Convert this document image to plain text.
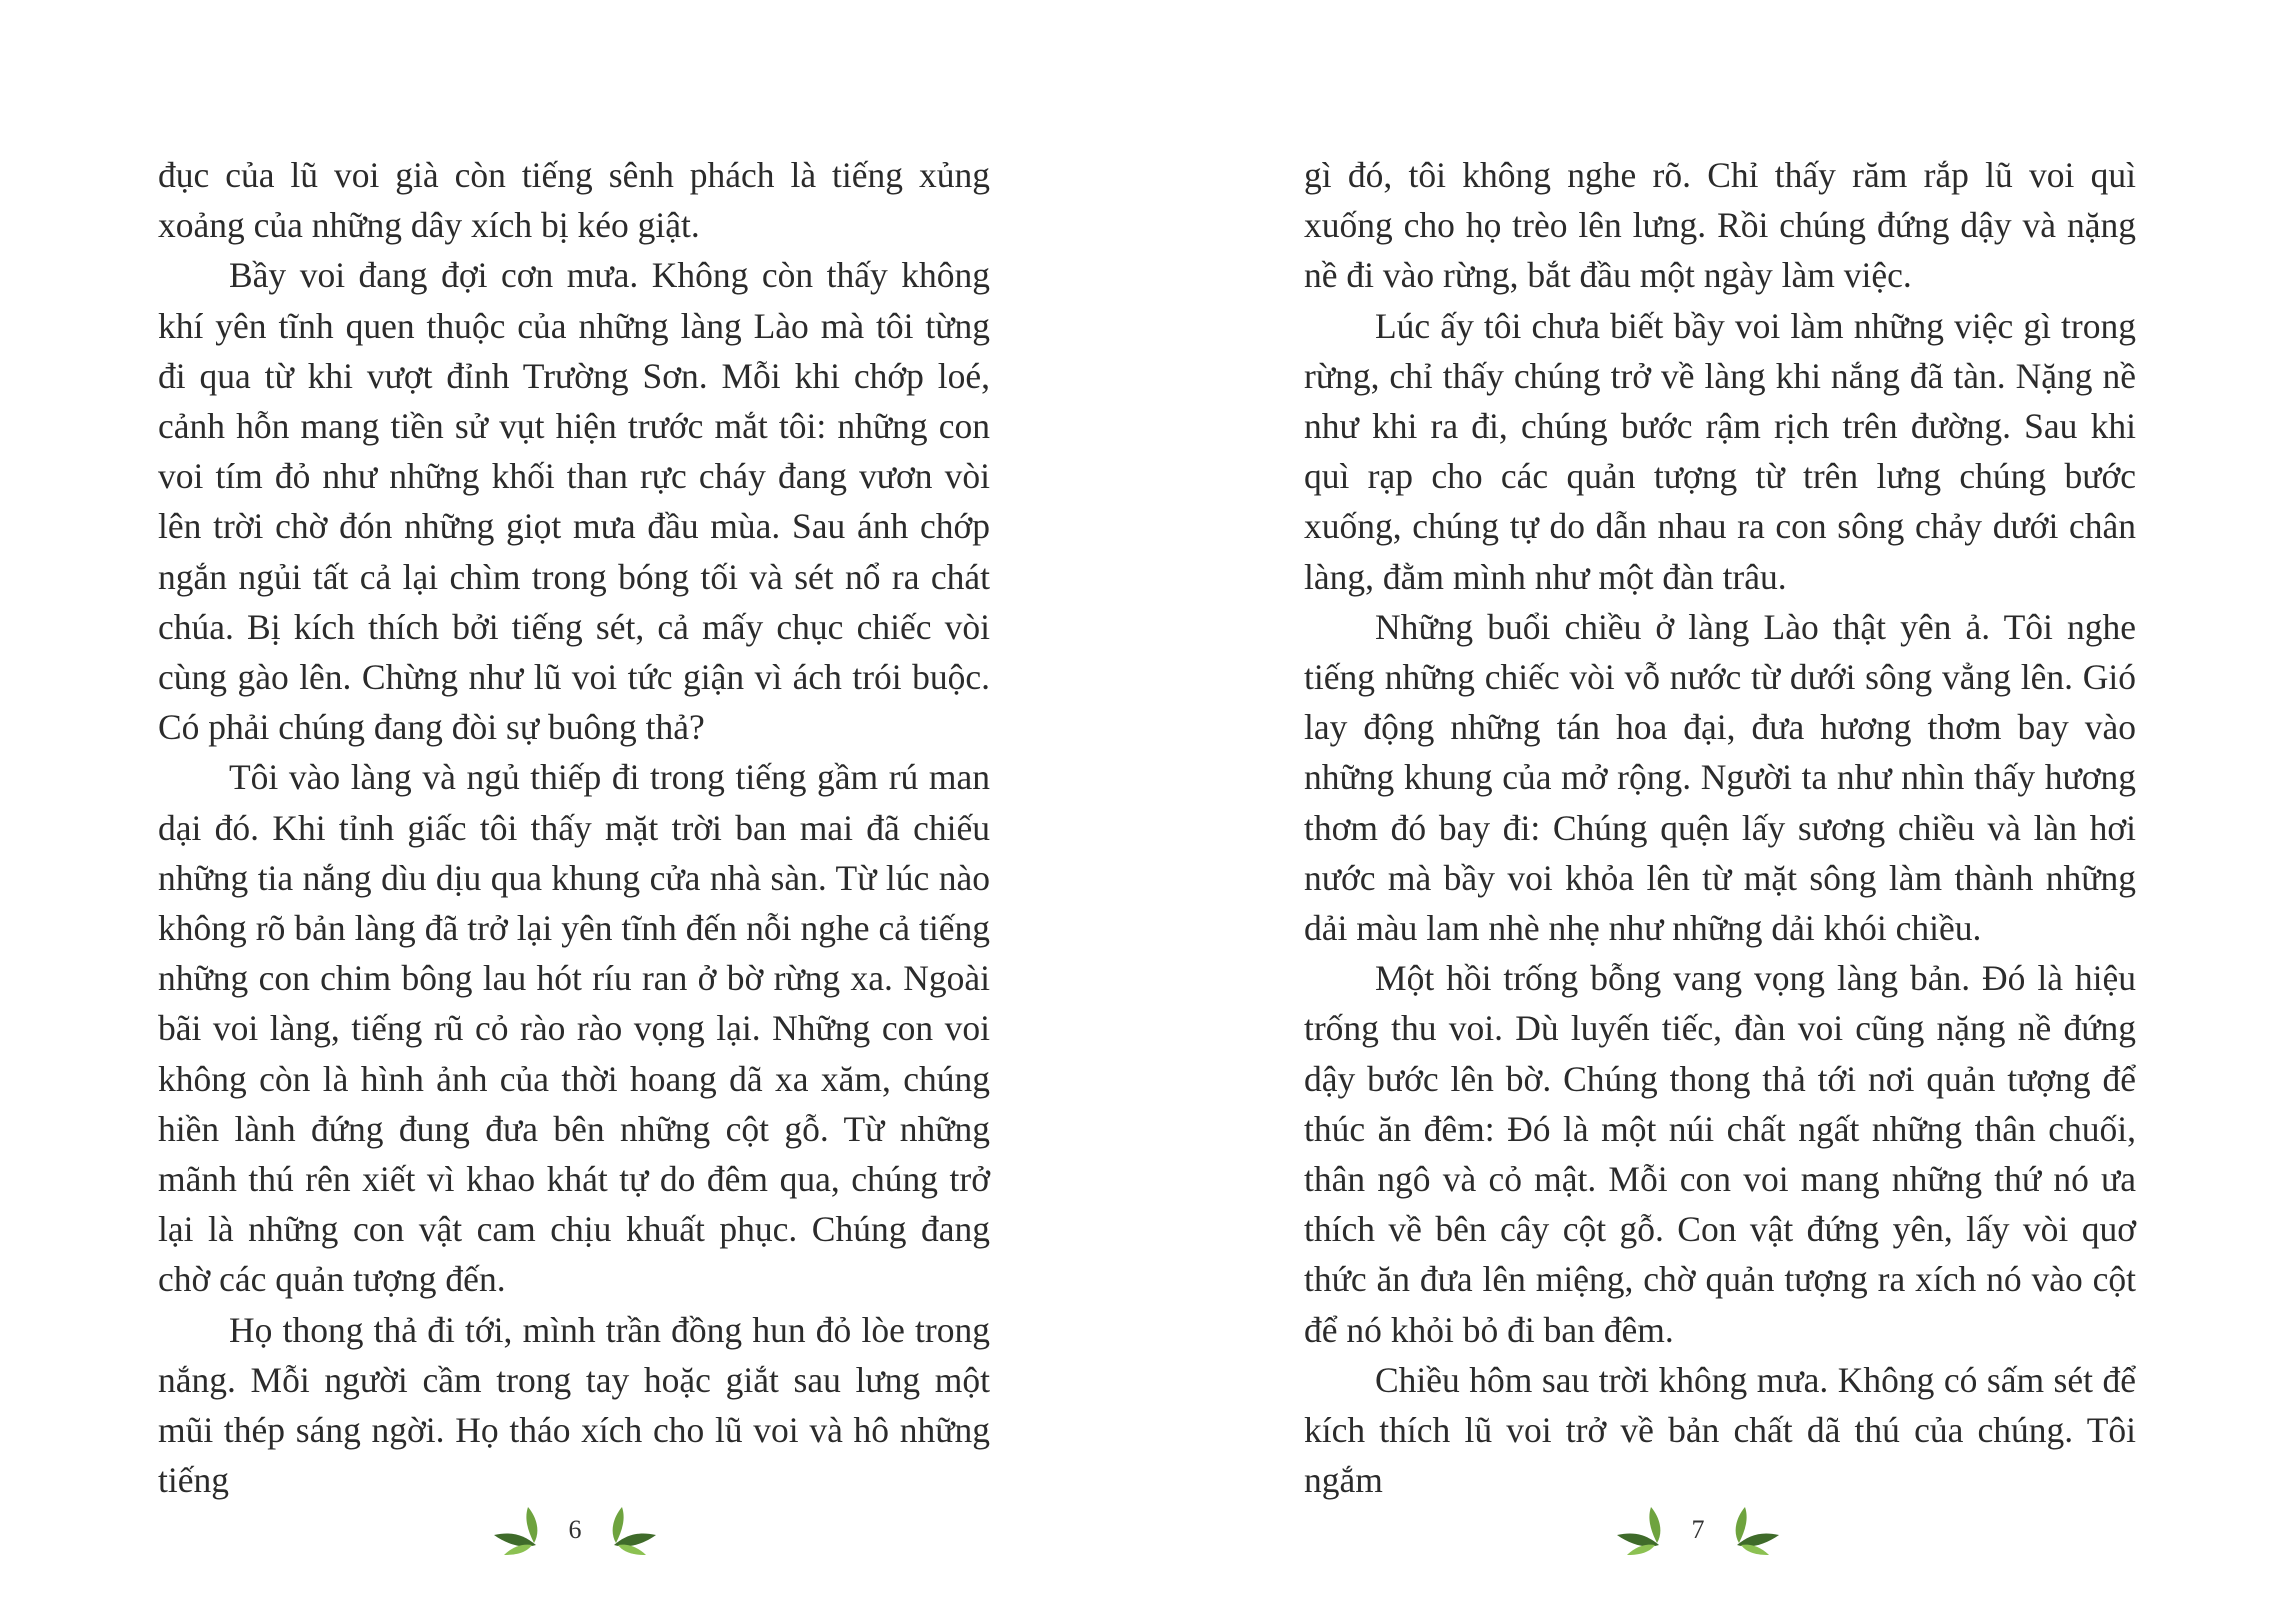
đục của lũ voi già còn tiếng sênh phách là tiếng xủng xoảng của những dây xích bị kéo giật.

Bầy voi đang đợi cơn mưa. Không còn thấy không khí yên tĩnh quen thuộc của những làng Lào mà tôi từng đi qua từ khi vượt đỉnh Trường Sơn. Mỗi khi chớp loé, cảnh hỗn mang tiền sử vụt hiện trước mắt tôi: những con voi tím đỏ như những khối than rực cháy đang vươn vòi lên trời chờ đón những giọt mưa đầu mùa. Sau ánh chớp ngắn ngủi tất cả lại chìm trong bóng tối và sét nổ ra chát chúa. Bị kích thích bởi tiếng sét, cả mấy chục chiếc vòi cùng gào lên. Chừng như lũ voi tức giận vì ách trói buộc. Có phải chúng đang đòi sự buông thả?

Tôi vào làng và ngủ thiếp đi trong tiếng gầm rú man dại đó. Khi tỉnh giấc tôi thấy mặt trời ban mai đã chiếu những tia nắng dìu dịu qua khung cửa nhà sàn. Từ lúc nào không rõ bản làng đã trở lại yên tĩnh đến nỗi nghe cả tiếng những con chim bông lau hót ríu ran ở bờ rừng xa. Ngoài bãi voi làng, tiếng rũ cỏ rào rào vọng lại. Những con voi không còn là hình ảnh của thời hoang dã xa xăm, chúng hiền lành đứng đung đưa bên những cột gỗ. Từ những mãnh thú rên xiết vì khao khát tự do đêm qua, chúng trở lại là những con vật cam chịu khuất phục. Chúng đang chờ các quản tượng đến.

Họ thong thả đi tới, mình trần đồng hun đỏ lòe trong nắng. Mỗi người cầm trong tay hoặc giắt sau lưng một mũi thép sáng ngời. Họ tháo xích cho lũ voi và hô những tiếng

6

gì đó, tôi không nghe rõ. Chỉ thấy răm rắp lũ voi quì xuống cho họ trèo lên lưng. Rồi chúng đứng dậy và nặng nề đi vào rừng, bắt đầu một ngày làm việc.

Lúc ấy tôi chưa biết bầy voi làm những việc gì trong rừng, chỉ thấy chúng trở về làng khi nắng đã tàn. Nặng nề như khi ra đi, chúng bước rậm rịch trên đường. Sau khi quì rạp cho các quản tượng từ trên lưng chúng bước xuống, chúng tự do dẫn nhau ra con sông chảy dưới chân làng, đằm mình như một đàn trâu.

Những buổi chiều ở làng Lào thật yên ả. Tôi nghe tiếng những chiếc vòi vỗ nước từ dưới sông vẳng lên. Gió lay động những tán hoa đại, đưa hương thơm bay vào những khung của mở rộng. Người ta như nhìn thấy hương thơm đó bay đi: Chúng quện lấy sương chiều và làn hơi nước mà bầy voi khỏa lên từ mặt sông làm thành những dải màu lam nhè nhẹ như những dải khói chiều.

Một hồi trống bỗng vang vọng làng bản. Đó là hiệu trống thu voi. Dù luyến tiếc, đàn voi cũng nặng nề đứng dậy bước lên bờ. Chúng thong thả tới nơi quản tượng để thúc ăn đêm: Đó là một núi chất ngất những thân chuối, thân ngô và cỏ mật. Mỗi con voi mang những thứ nó ưa thích về bên cây cột gỗ. Con vật đứng yên, lấy vòi quơ thức ăn đưa lên miệng, chờ quản tượng ra xích nó vào cột để nó khỏi bỏ đi ban đêm.

Chiều hôm sau trời không mưa. Không có sấm sét để kích thích lũ voi trở về bản chất dã thú của chúng. Tôi ngắm

7
